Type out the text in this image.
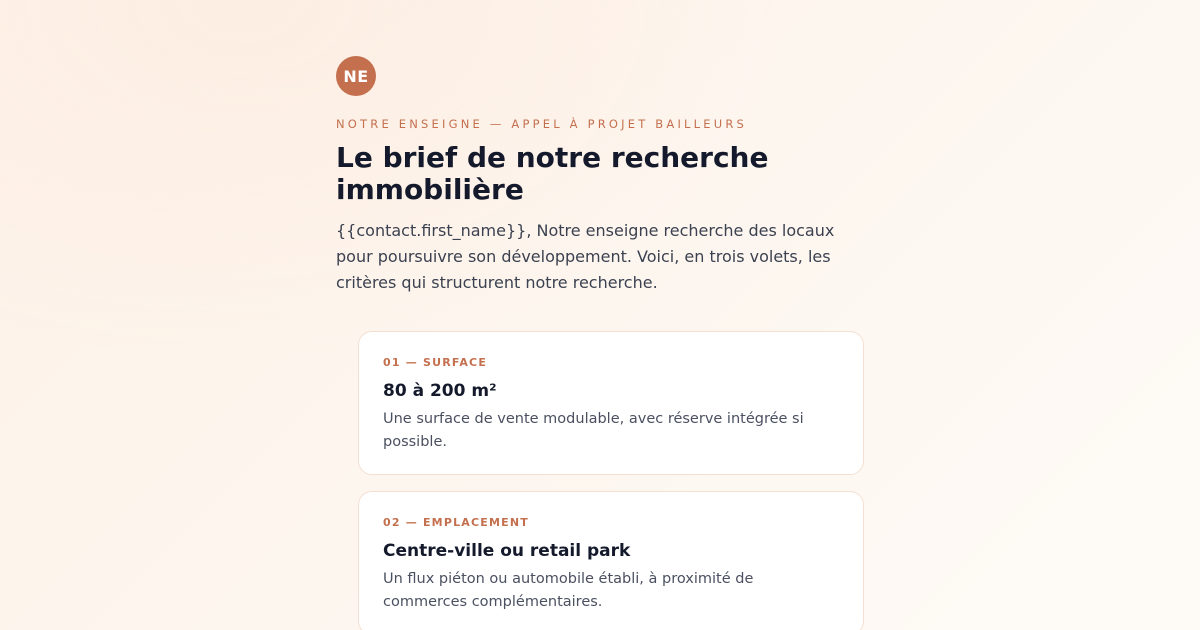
NE
NOTRE ENSEIGNE — APPEL À PROJET BAILLEURS
Le brief de notre recherche immobilière
{{contact.first_name}}, Notre enseigne recherche des locaux pour poursuivre son développement. Voici, en trois volets, les critères qui structurent notre recherche.
01 — SURFACE
80 à 200 m²
Une surface de vente modulable, avec réserve intégrée si possible.
02 — EMPLACEMENT
Centre-ville ou retail park
Un flux piéton ou automobile établi, à proximité de commerces complémentaires.
